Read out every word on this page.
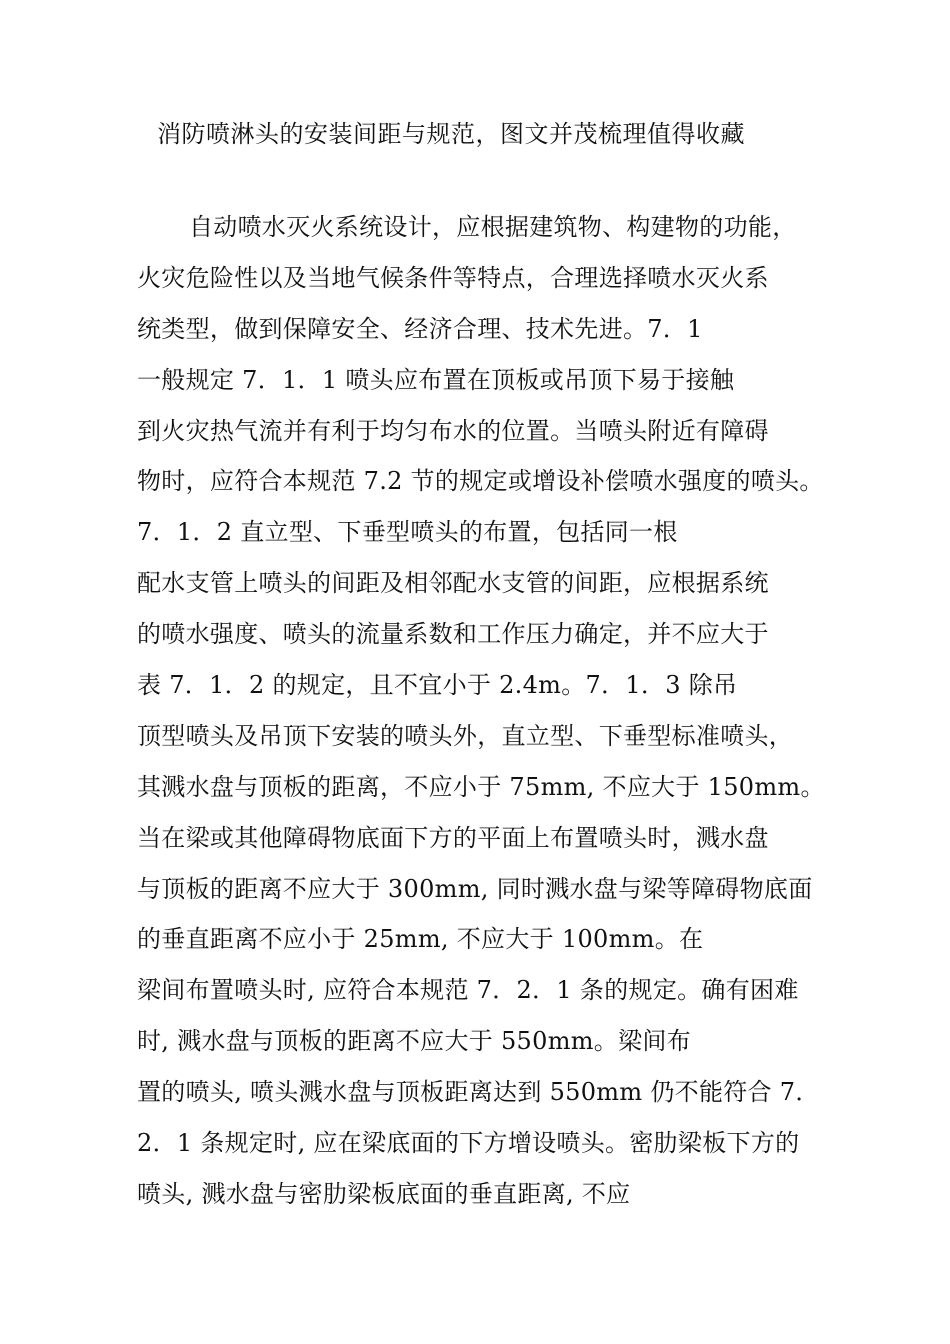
消防喷淋头的安装间距与规范，图文并茂梳理值得收藏
自动喷水灭火系统设计，应根据建筑物、构建物的功能，
火灾危险性以及当地气候条件等特点，合理选择喷水灭火系
统类型，做到保障安全、经济合理、技术先进。7．1
一般规定 7．1．1 喷头应布置在顶板或吊顶下易于接触
到火灾热气流并有利于均匀布水的位置。当喷头附近有障碍
物时，应符合本规范 7.2 节的规定或增设补偿喷水强度的喷头。
7．1．2 直立型、下垂型喷头的布置，包括同一根
配水支管上喷头的间距及相邻配水支管的间距，应根据系统
的喷水强度、喷头的流量系数和工作压力确定，并不应大于
表 7．1．2 的规定，且不宜小于 2.4m。7．1．3 除吊
顶型喷头及吊顶下安装的喷头外，直立型、下垂型标准喷头，
其溅水盘与顶板的距离，不应小于 75mm, 不应大于 150mm。
当在梁或其他障碍物底面下方的平面上布置喷头时，溅水盘
与顶板的距离不应大于 300mm, 同时溅水盘与梁等障碍物底面
的垂直距离不应小于 25mm, 不应大于 100mm。在
梁间布置喷头时, 应符合本规范 7．2．1 条的规定。确有困难
时, 溅水盘与顶板的距离不应大于 550mm。梁间布
置的喷头, 喷头溅水盘与顶板距离达到 550mm 仍不能符合 7．
2．1 条规定时, 应在梁底面的下方增设喷头。密肋梁板下方的
喷头, 溅水盘与密肋梁板底面的垂直距离, 不应
